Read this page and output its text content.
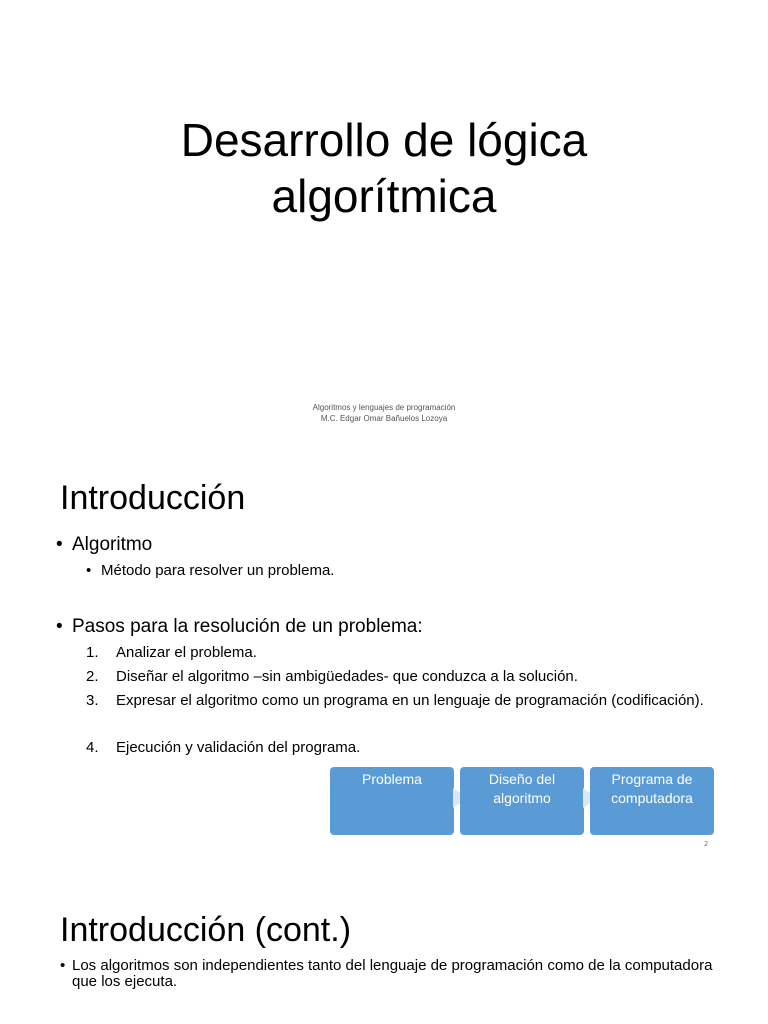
Desarrollo de lógica
algorítmica
Algoritmos y lenguajes de programación
M.C. Edgar Omar Bañuelos Lozoya
Introducción
• Algoritmo
• Método para resolver un problema.
• Pasos para la resolución de un problema:
1.	Analizar el problema.
2.	Diseñar el algoritmo –sin ambigüedades- que conduzca a la solución.
3.	Expresar el algoritmo como un programa en un lenguaje de programación (codificación).
4.	Ejecución y validación del programa.
Problema	Diseño del
algoritmo
Programa de
computadora
2
Introducción (cont.)
• Los algoritmos son independientes tanto del lenguaje de programación como de la computadora que los ejecuta.
